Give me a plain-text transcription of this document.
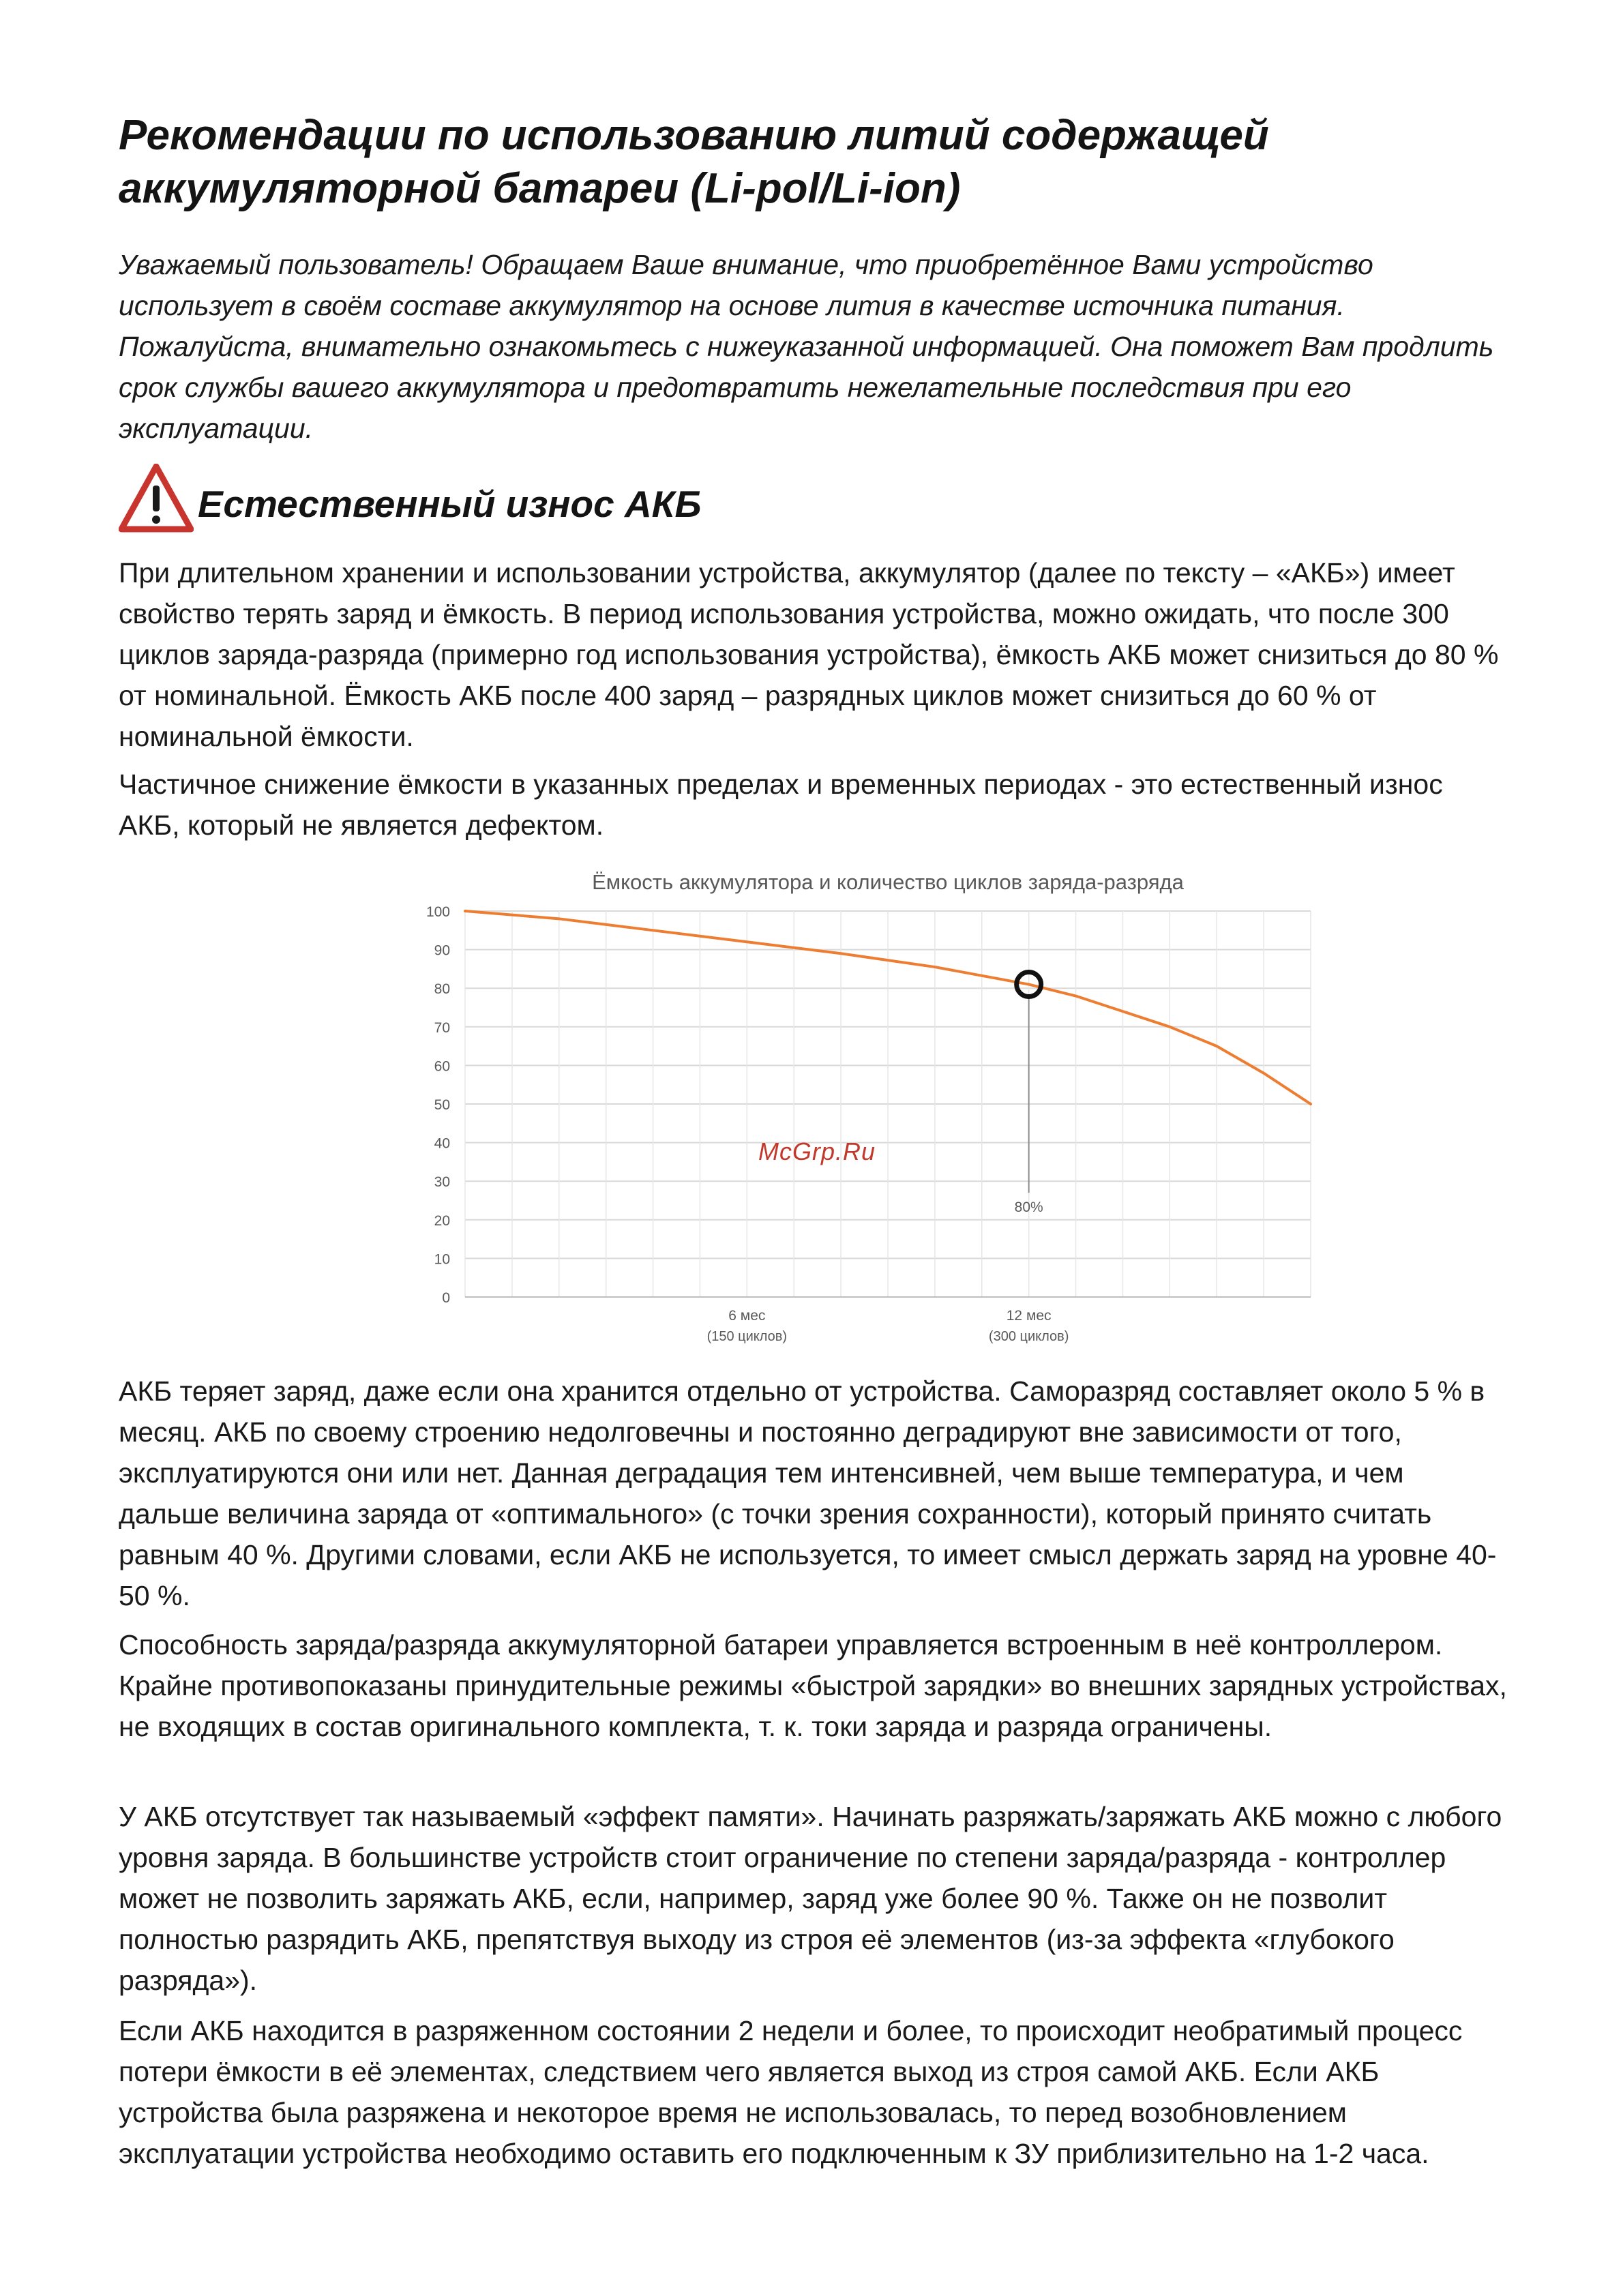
Рекомендации по использованию литий содержащей аккумуляторной батареи (Li-pol/Li-ion)

Уважаемый пользователь! Обращаем Ваше внимание, что приобретённое Вами устройство использует в своём составе аккумулятор на основе лития в качестве источника питания. Пожалуйста, внимательно ознакомьтесь с нижеуказанной информацией. Она поможет Вам продлить срок службы вашего аккумулятора и предотвратить нежелательные последствия при его эксплуатации.

Естественный износ АКБ

При длительном хранении и использовании устройства, аккумулятор (далее по тексту – «АКБ») имеет свойство терять заряд и ёмкость. В период использования устройства, можно ожидать, что после 300 циклов заряда-разряда (примерно год использования устройства), ёмкость АКБ может снизиться до 80 % от номинальной. Ёмкость АКБ после 400 заряд – разрядных циклов может снизиться до 60 % от номинальной ёмкости.

Частичное снижение ёмкости в указанных пределах и временных периодах - это естественный износ АКБ, который не является дефектом.

Ёмкость аккумулятора и количество циклов заряда-разряда
0
10
20
30
40
50
60
70
80
90
100
6 мес
(150 циклов)
12 мес
(300 циклов)
80%

McGrp.Ru

АКБ теряет заряд, даже если она хранится отдельно от устройства. Саморазряд составляет около 5 % в месяц. АКБ по своему строению недолговечны и постоянно деградируют вне зависимости от того, эксплуатируются они или нет. Данная деградация тем интенсивней, чем выше температура, и чем дальше величина заряда от «оптимального» (с точки зрения сохранности), который принято считать равным 40 %. Другими словами, если АКБ не используется, то имеет смысл держать заряд на уровне 40-50 %.

Способность заряда/разряда аккумуляторной батареи управляется встроенным в неё контроллером. Крайне противопоказаны принудительные режимы «быстрой зарядки» во внешних зарядных устройствах, не входящих в состав оригинального комплекта, т. к. токи заряда и разряда ограничены.

У АКБ отсутствует так называемый «эффект памяти». Начинать разряжать/заряжать АКБ можно с любого уровня заряда. В большинстве устройств стоит ограничение по степени заряда/разряда - контроллер может не позволить заряжать АКБ, если, например, заряд уже более 90 %. Также он не позволит полностью разрядить АКБ, препятствуя выходу из строя её элементов (из-за эффекта «глубокого разряда»).

Если АКБ находится в разряженном состоянии 2 недели и более, то происходит необратимый процесс потери ёмкости в её элементах, следствием чего является выход из строя самой АКБ. Если АКБ устройства была разряжена и некоторое время не использовалась, то перед возобновлением эксплуатации устройства необходимо оставить его подключенным к ЗУ приблизительно на 1-2 часа.
